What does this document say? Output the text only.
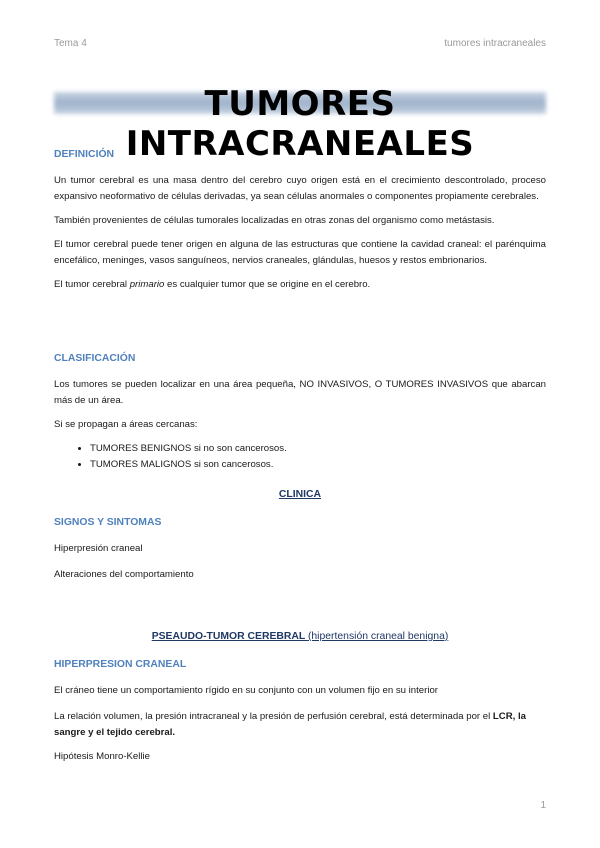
Tema 4	tumores intracraneales
TUMORES INTRACRANEALES
DEFINICIÓN

Un tumor cerebral es una masa dentro del cerebro cuyo origen está en el crecimiento descontrolado, proceso expansivo neoformativo de células derivadas, ya sean células anormales o componentes propiamente cerebrales.

También provenientes de células tumorales localizadas en otras zonas del organismo como metástasis.

El tumor cerebral puede tener origen en alguna de las estructuras que contiene la cavidad craneal: el parénquima encefálico, meninges, vasos sanguíneos, nervios craneales, glándulas, huesos y restos embrionarios.

El tumor cerebral primario es cualquier tumor que se origine en el cerebro.

CLASIFICACIÓN

Los tumores se pueden localizar en una área pequeña, NO INVASIVOS, O TUMORES INVASIVOS que abarcan más de un área.

Si se propagan a áreas cercanas:

• TUMORES BENIGNOS si no son cancerosos.
• TUMORES MALIGNOS si son cancerosos.
CLINICA
SIGNOS Y SINTOMAS

Hiperpresión craneal

Alteraciones del comportamiento

PSEAUDO-TUMOR CEREBRAL (hipertensión craneal benigna)
HIPERPRESION CRANEAL

El cráneo tiene un comportamiento rígido en su conjunto con un volumen fijo en su interior

La relación volumen, la presión intracraneal y la presión de perfusión cerebral, está determinada por el LCR, la sangre y el tejido cerebral.

Hipótesis Monro-Kellie

1
